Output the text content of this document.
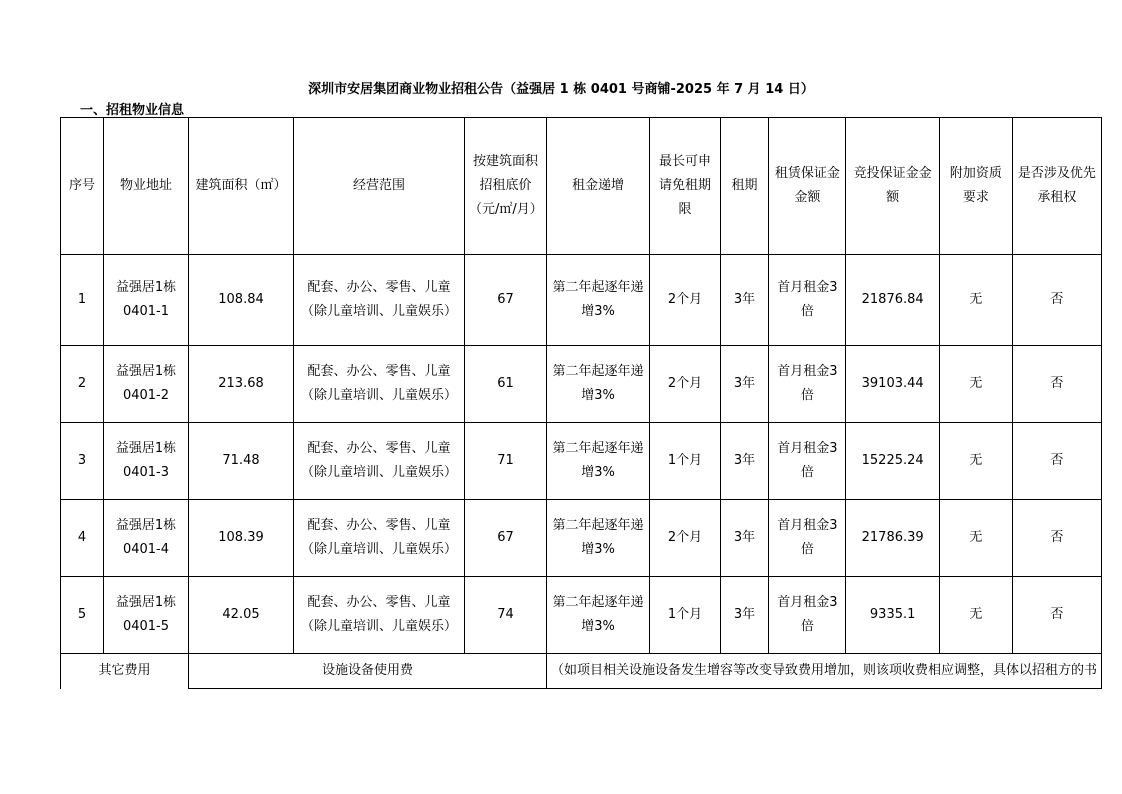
深圳市安居集团商业物业招租公告（益强居 1 栋 0401 号商铺-2025 年 7 月 14 日）
一、招租物业信息
序号	物业地址	建筑面积（㎡）	经营范围	按建筑面积招租底价（元/㎡/月）	租金递增	最长可申请免租期限	租期	租赁保证金金额	竞投保证金金额	附加资质要求	是否涉及优先承租权
1	益强居1栋0401-1	108.84	配套、办公、零售、儿童（除儿童培训、儿童娱乐）	67	第二年起逐年递增3%	2个月	3年	首月租金3倍	21876.84	无	否
2	益强居1栋0401-2	213.68	配套、办公、零售、儿童（除儿童培训、儿童娱乐）	61	第二年起逐年递增3%	2个月	3年	首月租金3倍	39103.44	无	否
3	益强居1栋0401-3	71.48	配套、办公、零售、儿童（除儿童培训、儿童娱乐）	71	第二年起逐年递增3%	1个月	3年	首月租金3倍	15225.24	无	否
4	益强居1栋0401-4	108.39	配套、办公、零售、儿童（除儿童培训、儿童娱乐）	67	第二年起逐年递增3%	2个月	3年	首月租金3倍	21786.39	无	否
5	益强居1栋0401-5	42.05	配套、办公、零售、儿童（除儿童培训、儿童娱乐）	74	第二年起逐年递增3%	1个月	3年	首月租金3倍	9335.1	无	否
其它费用		设施设备使用费			（如项目相关设施设备发生增容等改变导致费用增加，则该项收费相应调整，具体以招租方的书						
